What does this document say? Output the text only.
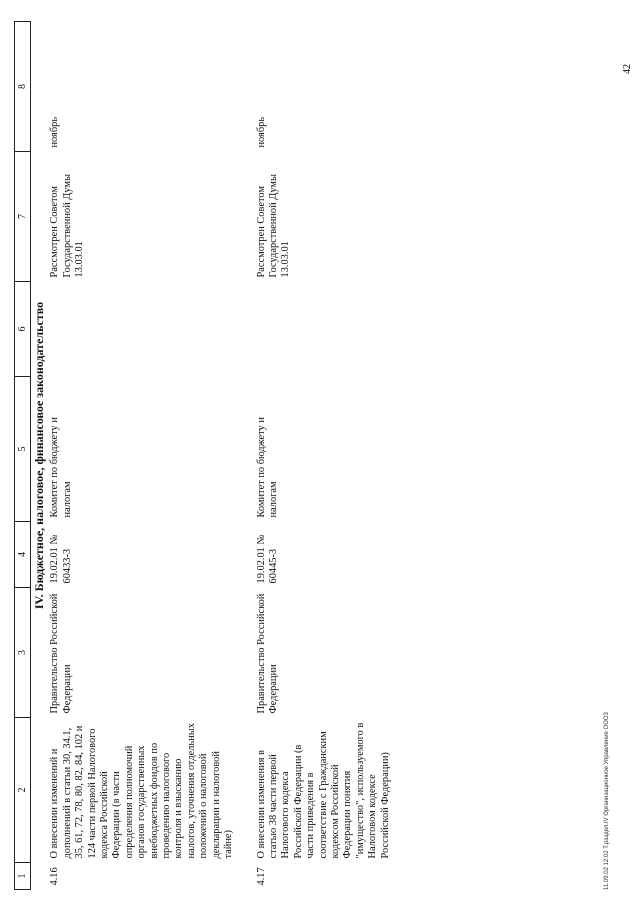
42
1	2	3	4	5	6	7	8
IV. Бюджетное, налоговое, финансовое законодательство							
4.16	О внесении изменений и дополнений в статьи 30, 34.1, 35, 61, 72, 78, 80, 82, 84, 102 и 124 части первой Налогового кодекса Российской Федерации (в части определения полномочий органов государственных внебюджетных фондов по проведению налогового контроля и взысканию налогов, уточнения отдельных положений о налоговой декларации и налоговой тайне)	Правительство Российской Федерации	19.02.01 № 60433-3	Комитет по бюджету и налогам		Рассмотрен Советом Государственной Думы 13.03.01	ноябрь

4.17	О внесении изменения в статью 38 части первой Налогового кодекса Российской Федерации (в части приведения в соответствие с Гражданским кодексом Российской Федерации понятия "имущество", используемого в Налоговом кодексе Российской Федерации)	Правительство Российской Федерации	19.02.01 № 60445-3	Комитет по бюджету и налогам		Рассмотрен Советом Государственной Думы 13.03.01	ноябрь
11.09.02 12:02 Т.раздел.IV Организационное Управление ООО3
